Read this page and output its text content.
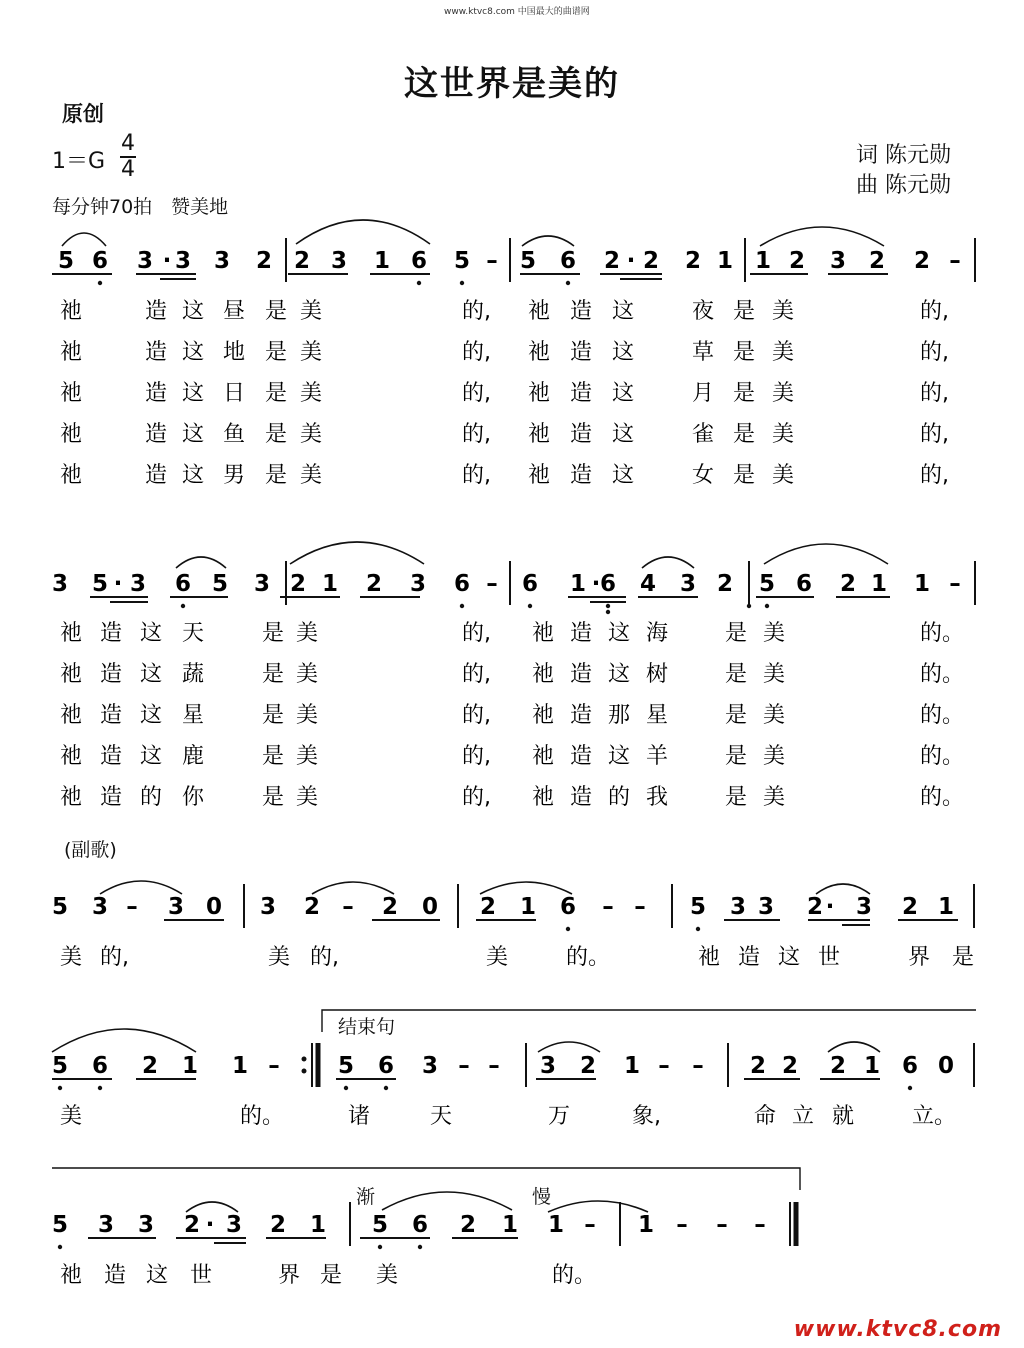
www.ktvc8.com 中国最大的曲谱网
这世界是美的
原创
1＝G
4
4
每分钟70拍　赞美地
词 陈元勋
曲 陈元勋
(副歌)
结束句
渐	慢
www.ktvc8.com
5 6 3 · 3 3 2 2 3 1 6 5 – 5 6 2 · 2 2 1 1 2 3 2 2 –
祂	造 这 昼 是 美	的, 祂 造 这	夜 是 美	的,
祂	造 这 地 是 美	的, 祂 造 这	草 是 美	的,
祂	造 这 日 是 美	的, 祂 造 这	月 是 美	的,
祂	造 这 鱼 是 美	的, 祂 造 这	雀 是 美	的,
祂	造 这 男 是 美	的, 祂 造 这	女 是 美	的,
3 5 · 3 6 5 3 2 1 2 3 6 – 6 1 · 6 4 3 2 5 6 2 1 1 –
祂 造 这 天	是 美	的, 祂 造 这 海	是 美	的。
祂 造 这 蔬	是 美	的, 祂 造 这 树	是 美	的。
祂 造 这 星	是 美	的, 祂 造 那 星	是 美	的。
祂 造 这 鹿	是 美	的, 祂 造 这 羊	是 美	的。
祂 造 的 你	是 美	的, 祂 造 的 我	是 美	的。
5 3 – 3 0 3 2 – 2 0 2 1 6 – – 5 3 3 2 · 3 2 1
美 的,	美 的,	美	的。	祂 造 这 世	界 是
5 6 2 1 1 –	5 6 3 – – 3 2 1 – – 2 2 2 1 6 0
美	的。	诸	天	万	象,	命 立 就	立。
5 3 3 2 · 3 2 1 5 6 2 1 1 – 1 – – –
祂 造 这 世	界 是 美	的。
